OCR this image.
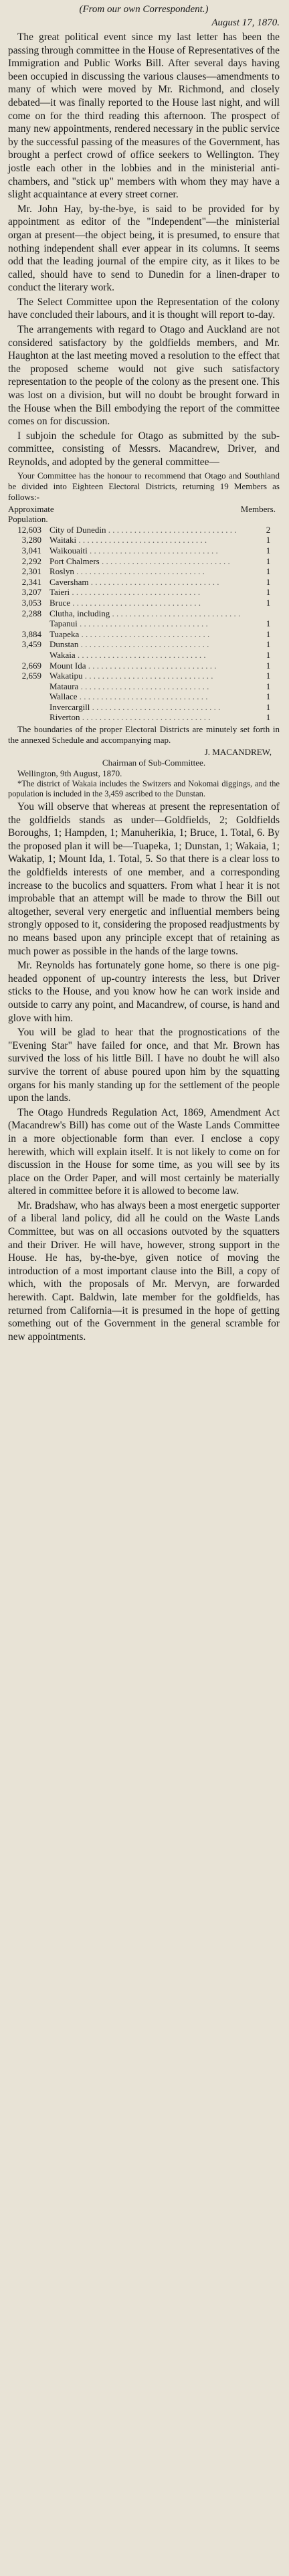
(From our own Correspondent.)

August 17, 1870.

The great political event since my last letter has been the passing through committee in the House of Representatives of the Immigration and Public Works Bill. After several days having been occupied in discussing the various clauses—amendments to many of which were moved by Mr. Richmond, and closely debated—it was finally reported to the House last night, and will come on for the third reading this afternoon. The prospect of many new appointments, rendered necessary in the public service by the successful passing of the measures of the Government, has brought a perfect crowd of office seekers to Wellington. They jostle each other in the lobbies and in the ministerial anti-chambers, and "stick up" members with whom they may have a slight acquaintance at every street corner.

Mr. John Hay, by-the-bye, is said to be provided for by appointment as editor of the "Independent"—the ministerial organ at present—the object being, it is presumed, to ensure that nothing independent shall ever appear in its columns. It seems odd that the leading journal of the empire city, as it likes to be called, should have to send to Dunedin for a linen-draper to conduct the literary work.

The Select Committee upon the Representation of the colony have concluded their labours, and it is thought will report to-day.

The arrangements with regard to Otago and Auckland are not considered satisfactory by the goldfields members, and Mr. Haughton at the last meeting moved a resolution to the effect that the proposed scheme would not give such satisfactory representation to the people of the colony as the present one. This was lost on a division, but will no doubt be brought forward in the House when the Bill embodying the report of the committee comes on for discussion.

I subjoin the schedule for Otago as submitted by the sub-committee, consisting of Messrs. Macandrew, Driver, and Reynolds, and adopted by the general committee—

Your Committee has the honour to recommend that Otago and Southland be divided into Eighteen Electoral Districts, returning 19 Members as follows:-

Approximate Population.
Members.
12,603 City of Dunedin . . . . . . . . . . . . . . . . . . . . . . . . . . . . . .	2
3,280 Waitaki . . . . . . . . . . . . . . . . . . . . . . . . . . . . . .	1
3,041 Waikouaiti . . . . . . . . . . . . . . . . . . . . . . . . . . . . . .	1
2,292 Port Chalmers . . . . . . . . . . . . . . . . . . . . . . . . . . . . . .	1
2,301 Roslyn . . . . . . . . . . . . . . . . . . . . . . . . . . . . . .	1
2,341 Caversham . . . . . . . . . . . . . . . . . . . . . . . . . . . . . .	1
3,207 Taieri . . . . . . . . . . . . . . . . . . . . . . . . . . . . . .	1
3,053 Bruce . . . . . . . . . . . . . . . . . . . . . . . . . . . . . .	1
2,288 Clutha, including . . . . . . . . . . . . . . . . . . . . . . . . . . . . . .
Tapanui . . . . . . . . . . . . . . . . . . . . . . . . . . . . . .	1
3,884 Tuapeka . . . . . . . . . . . . . . . . . . . . . . . . . . . . . .	1
3,459 Dunstan . . . . . . . . . . . . . . . . . . . . . . . . . . . . . .	1
Wakaia . . . . . . . . . . . . . . . . . . . . . . . . . . . . . .	1
2,669 Mount Ida . . . . . . . . . . . . . . . . . . . . . . . . . . . . . .	1
2,659 Wakatipu . . . . . . . . . . . . . . . . . . . . . . . . . . . . . .	1
Mataura . . . . . . . . . . . . . . . . . . . . . . . . . . . . . .	1
Wallace . . . . . . . . . . . . . . . . . . . . . . . . . . . . . .	1
Invercargill . . . . . . . . . . . . . . . . . . . . . . . . . . . . . .	1
Riverton . . . . . . . . . . . . . . . . . . . . . . . . . . . . . .	1

The boundaries of the proper Electoral Districts are minutely set forth in the annexed Schedule and accompanying map.

J. MACANDREW,

Chairman of Sub-Committee.

Wellington, 9th August, 1870.

*The district of Wakaia includes the Switzers and Nokomai diggings, and the population is included in the 3,459 ascribed to the Dunstan.

You will observe that whereas at present the representation of the goldfields stands as under—Goldfields, 2; Goldfields Boroughs, 1; Hampden, 1; Manuherikia, 1; Bruce, 1. Total, 6. By the proposed plan it will be—Tuapeka, 1; Dunstan, 1; Wakaia, 1; Wakatip, 1; Mount Ida, 1. Total, 5. So that there is a clear loss to the goldfields interests of one member, and a corresponding increase to the bucolics and squatters. From what I hear it is not improbable that an attempt will be made to throw the Bill out altogether, several very energetic and influential members being strongly opposed to it, considering the proposed readjustments by no means based upon any principle except that of retaining as much power as possible in the hands of the large towns.

Mr. Reynolds has fortunately gone home, so there is one pig-headed opponent of up-country interests the less, but Driver sticks to the House, and you know how he can work inside and outside to carry any point, and Macandrew, of course, is hand and glove with him.

You will be glad to hear that the prognostications of the "Evening Star" have failed for once, and that Mr. Brown has survived the loss of his little Bill. I have no doubt he will also survive the torrent of abuse poured upon him by the squatting organs for his manly standing up for the settlement of the people upon the lands.

The Otago Hundreds Regulation Act, 1869, Amendment Act (Macandrew's Bill) has come out of the Waste Lands Committee in a more objectionable form than ever. I enclose a copy herewith, which will explain itself. It is not likely to come on for discussion in the House for some time, as you will see by its place on the Order Paper, and will most certainly be materially altered in committee before it is allowed to become law.

Mr. Bradshaw, who has always been a most energetic supporter of a liberal land policy, did all he could on the Waste Lands Committee, but was on all occasions outvoted by the squatters and their Driver. He will have, however, strong support in the House. He has, by-the-bye, given notice of moving the introduction of a most important clause into the Bill, a copy of which, with the proposals of Mr. Mervyn, are forwarded herewith. Capt. Baldwin, late member for the goldfields, has returned from California—it is presumed in the hope of getting something out of the Government in the general scramble for new appointments.
